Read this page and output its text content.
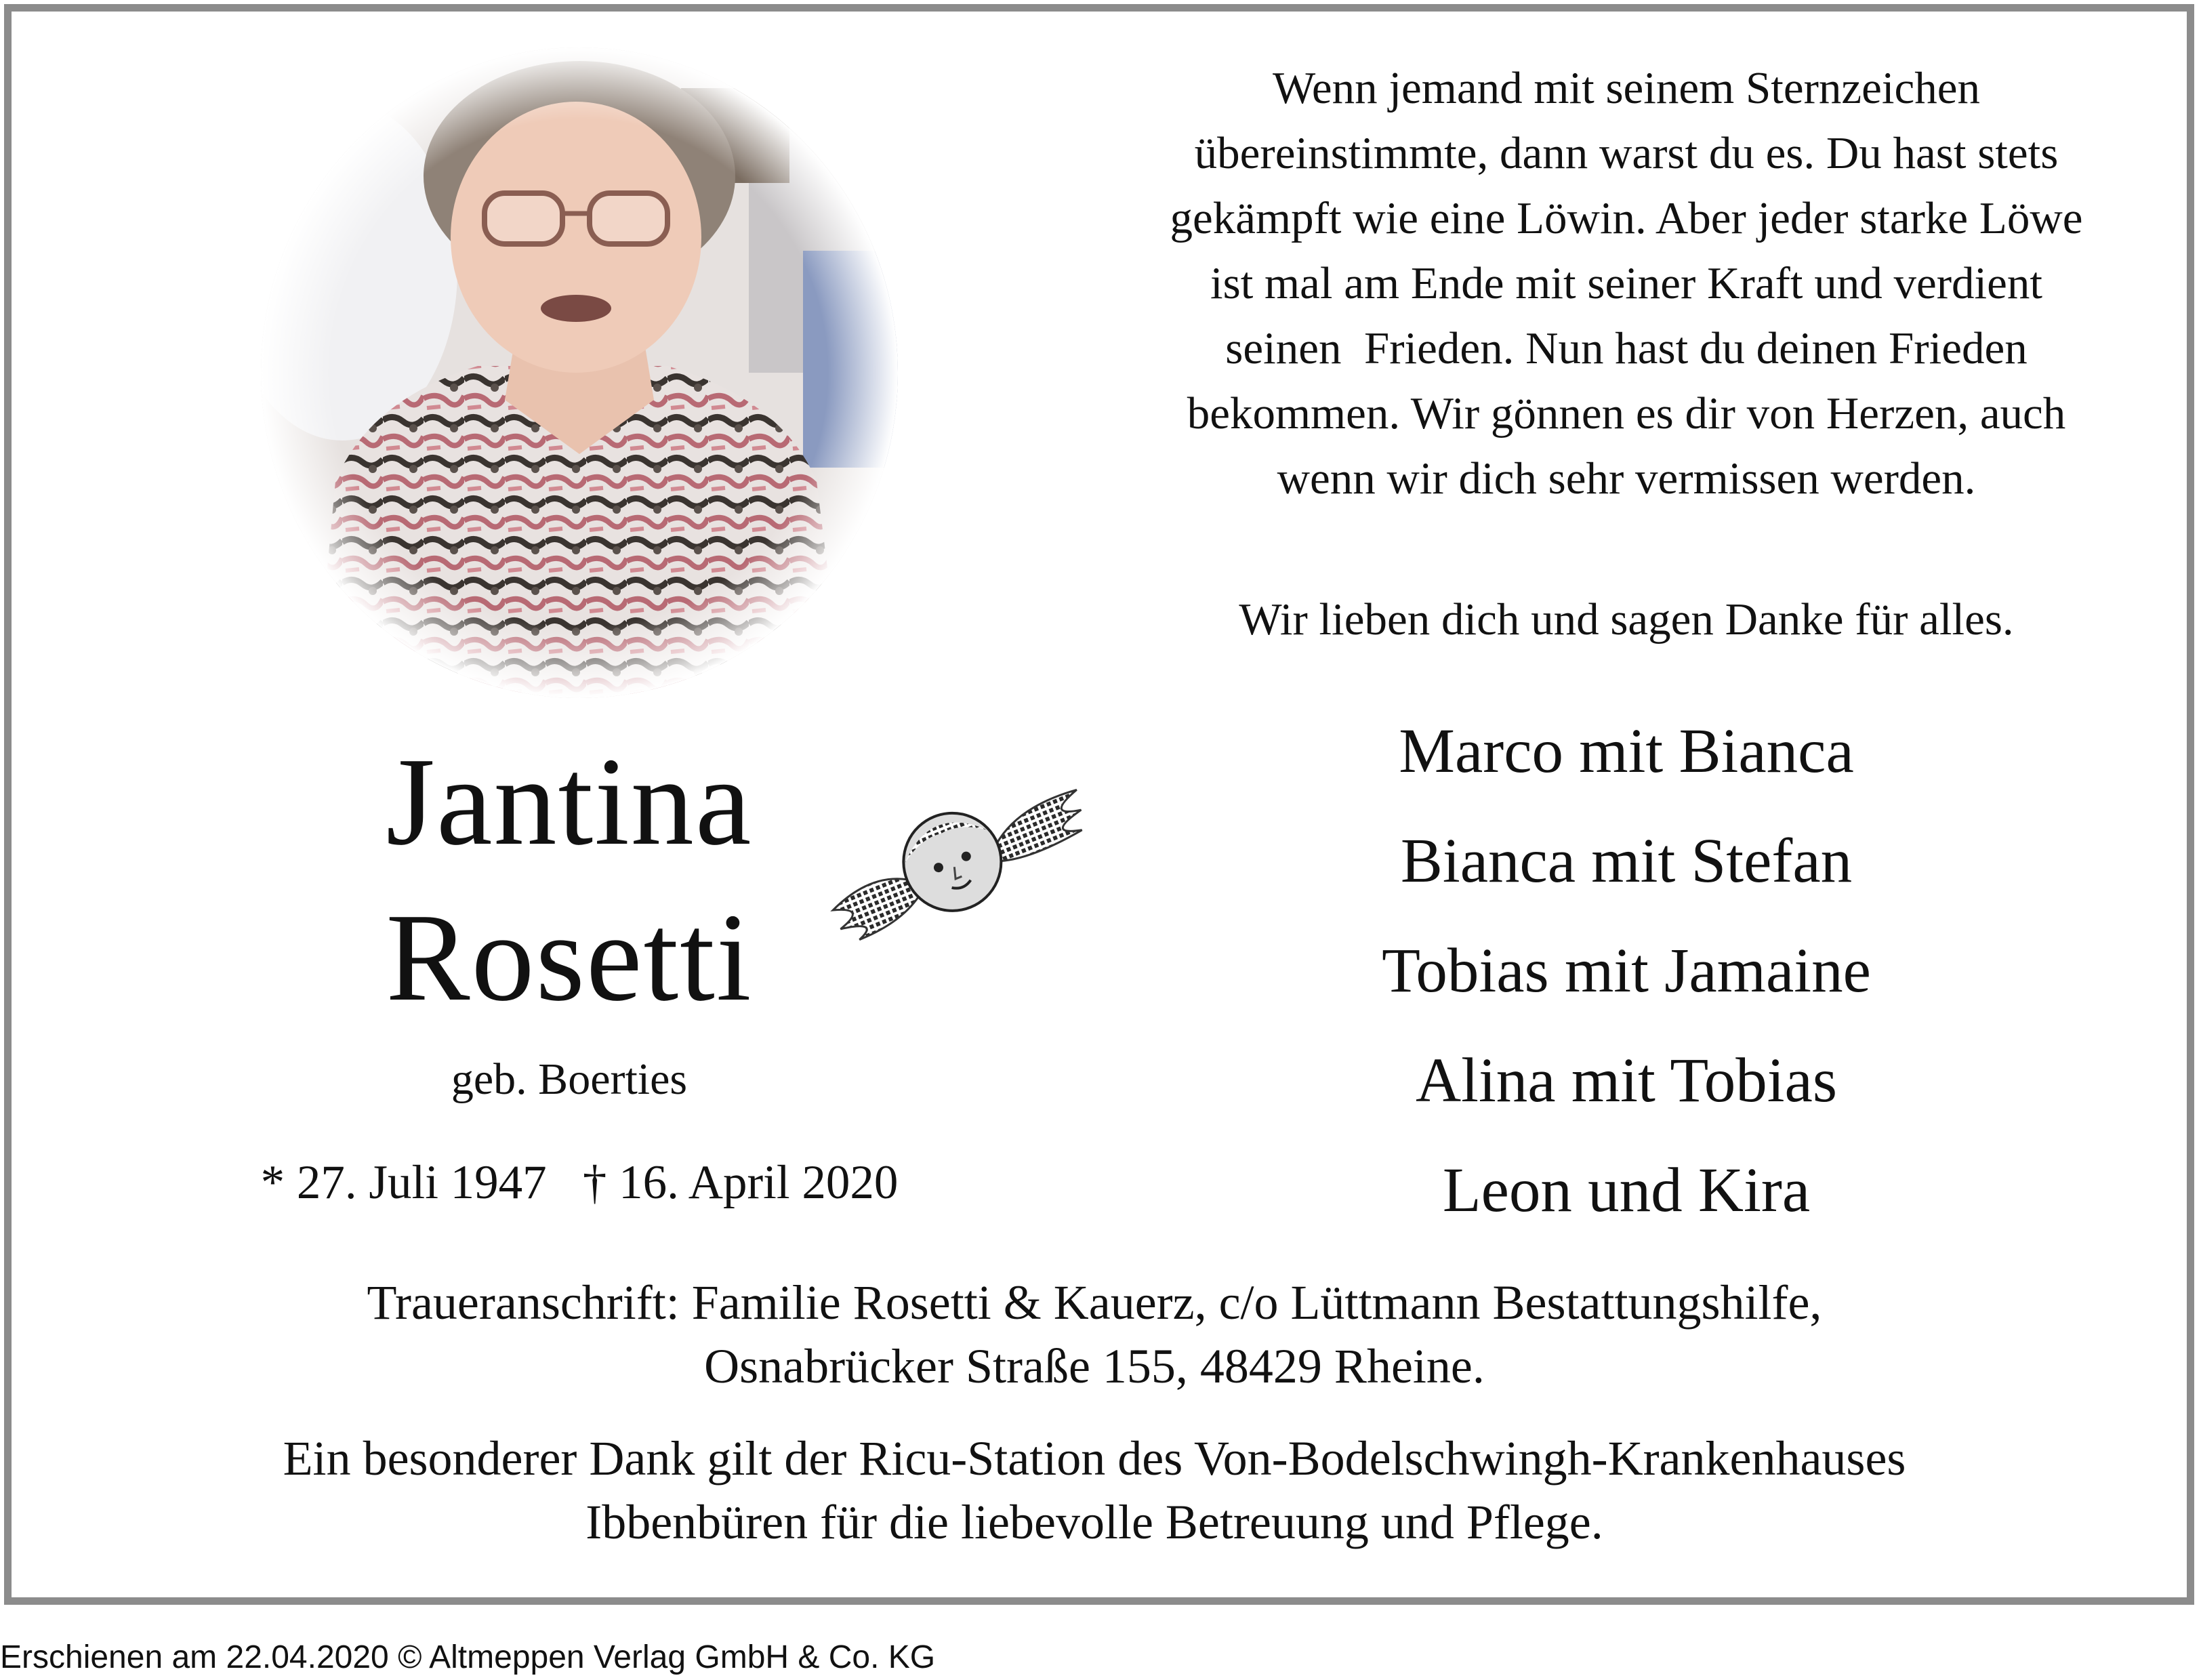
Wenn jemand mit seinem Sternzeichen
übereinstimmte, dann warst du es. Du hast stets
gekämpft wie eine Löwin. Aber jeder starke Löwe
ist mal am Ende mit seiner Kraft und verdient
seinen  Frieden. Nun hast du deinen Frieden
bekommen. Wir gönnen es dir von Herzen, auch
wenn wir dich sehr vermissen werden.
Wir lieben dich und sagen Danke für alles.
Jantina
Rosetti
geb. Boerties
* 27. Juli 1947   † 16. April 2020
Marco mit Bianca
Bianca mit Stefan
Tobias mit Jamaine
Alina mit Tobias
Leon und Kira
Traueranschrift: Familie Rosetti & Kauerz, c/o Lüttmann Bestattungshilfe,
Osnabrücker Straße 155, 48429 Rheine.
Ein besonderer Dank gilt der Ricu-Station des Von-Bodelschwingh-Krankenhauses
Ibbenbüren für die liebevolle Betreuung und Pflege.
Erschienen am 22.04.2020 © Altmeppen Verlag GmbH & Co. KG
